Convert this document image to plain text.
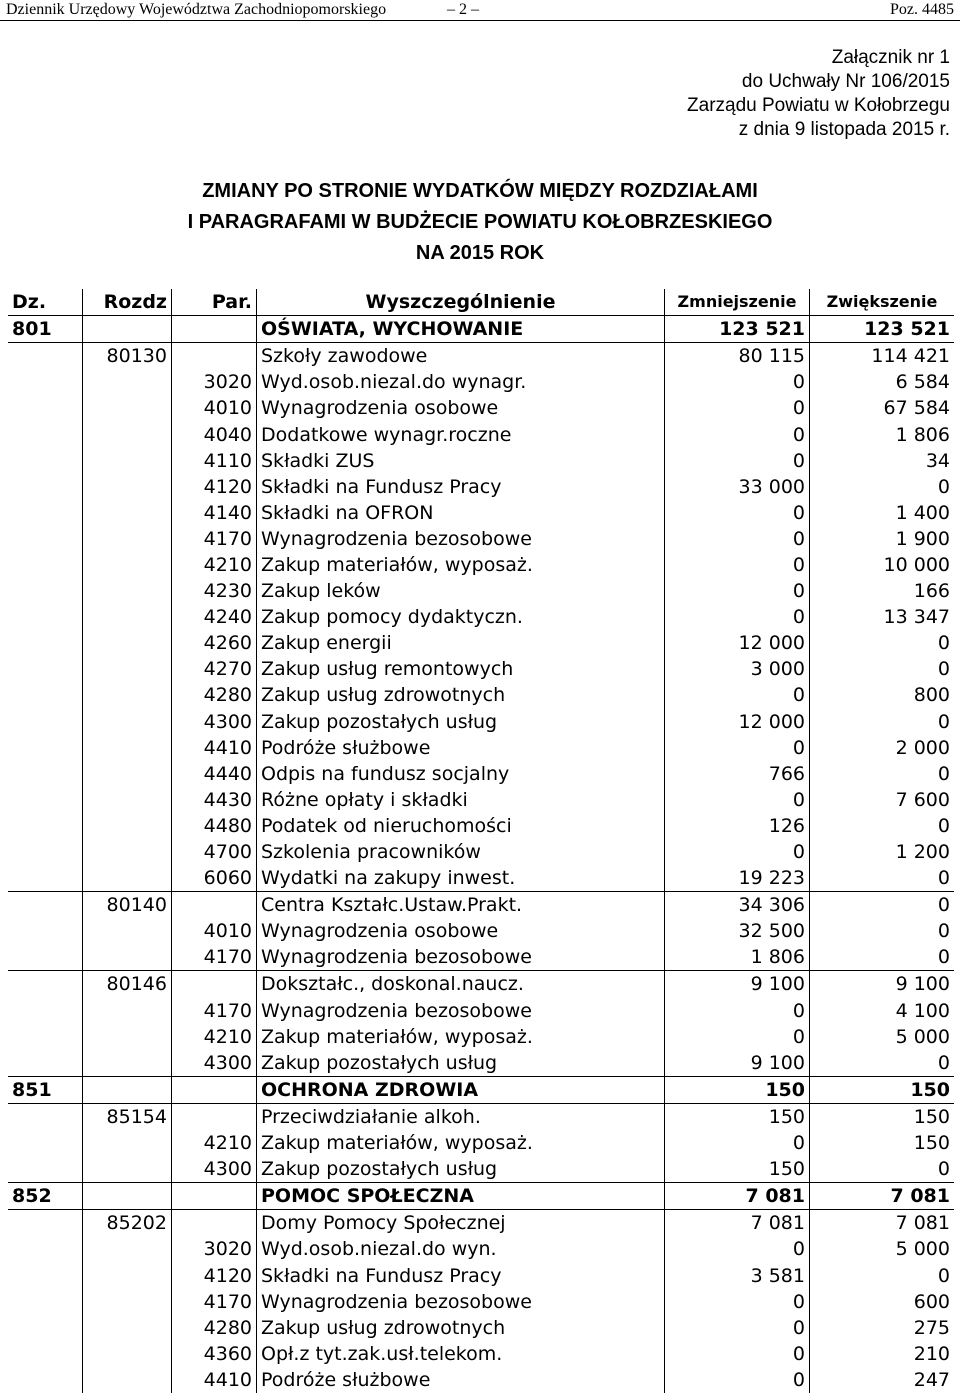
Dziennik Urzędowy Województwa Zachodniopomorskiego	– 2 –	Poz. 4485
Załącznik nr 1
do Uchwały Nr 106/2015
Zarządu Powiatu w Kołobrzegu
z dnia 9 listopada 2015 r.
ZMIANY PO STRONIE WYDATKÓW MIĘDZY ROZDZIAŁAMI
I PARAGRAFAMI W BUDŻECIE POWIATU KOŁOBRZESKIEGO
NA 2015 ROK
Dz.	Rozdz	Par.	Wyszczególnienie	Zmniejszenie	Zwiększenie
801			OŚWIATA, WYCHOWANIE	123 521	123 521
	80130		Szkoły zawodowe	80 115	114 421
		3020	Wyd.osob.niezal.do wynagr.	0	6 584
		4010	Wynagrodzenia osobowe	0	67 584
		4040	Dodatkowe wynagr.roczne	0	1 806
		4110	Składki ZUS	0	34
		4120	Składki na Fundusz Pracy	33 000	0
		4140	Składki na OFRON	0	1 400
		4170	Wynagrodzenia bezosobowe	0	1 900
		4210	Zakup materiałów, wyposaż.	0	10 000
		4230	Zakup leków	0	166
		4240	Zakup pomocy dydaktyczn.	0	13 347
		4260	Zakup energii	12 000	0
		4270	Zakup usług remontowych	3 000	0
		4280	Zakup usług zdrowotnych	0	800
		4300	Zakup pozostałych usług	12 000	0
		4410	Podróże służbowe	0	2 000
		4440	Odpis na fundusz socjalny	766	0
		4430	Różne opłaty i składki	0	7 600
		4480	Podatek od nieruchomości	126	0
		4700	Szkolenia pracowników	0	1 200
		6060	Wydatki na zakupy inwest.	19 223	0
	80140		Centra Kształc.Ustaw.Prakt.	34 306	0
		4010	Wynagrodzenia osobowe	32 500	0
		4170	Wynagrodzenia bezosobowe	1 806	0
	80146		Dokształc., doskonal.naucz.	9 100	9 100
		4170	Wynagrodzenia bezosobowe	0	4 100
		4210	Zakup materiałów, wyposaż.	0	5 000
		4300	Zakup pozostałych usług	9 100	0
851			OCHRONA ZDROWIA	150	150
	85154		Przeciwdziałanie alkoh.	150	150
		4210	Zakup materiałów, wyposaż.	0	150
		4300	Zakup pozostałych usług	150	0
852			POMOC SPOŁECZNA	7 081	7 081
	85202		Domy Pomocy Społecznej	7 081	7 081
		3020	Wyd.osob.niezal.do wyn.	0	5 000
		4120	Składki na Fundusz Pracy	3 581	0
		4170	Wynagrodzenia bezosobowe	0	600
		4280	Zakup usług zdrowotnych	0	275
		4360	Opł.z tyt.zak.usł.telekom.	0	210
		4410	Podróże służbowe	0	247
